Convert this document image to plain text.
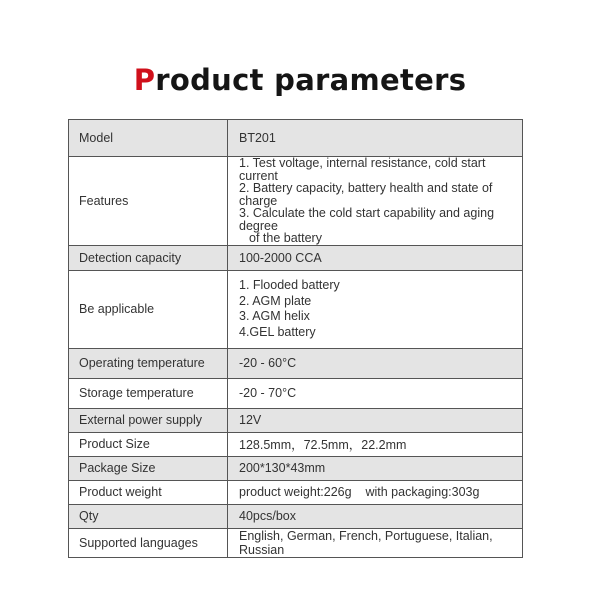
Product parameters
Model	BT201
Features	1. Test voltage, internal resistance, cold start current
2. Battery capacity, battery health and state of charge
3. Calculate the cold start capability and aging degree
of the battery

Detection capacity	100-2000 CCA
Be applicable	1. Flooded battery
2. AGM plate
3. AGM helix
4.GEL battery

Operating temperature	-20 - 60°C
Storage temperature	-20 - 70°C
External power supply	12V
Product Size	128.5mm，72.5mm，22.2mm
Package Size	200*130*43mm
Product weight	product weight:226g    with packaging:303g
Qty	40pcs/box
Supported languages	English, German, French, Portuguese, Italian, Russian
